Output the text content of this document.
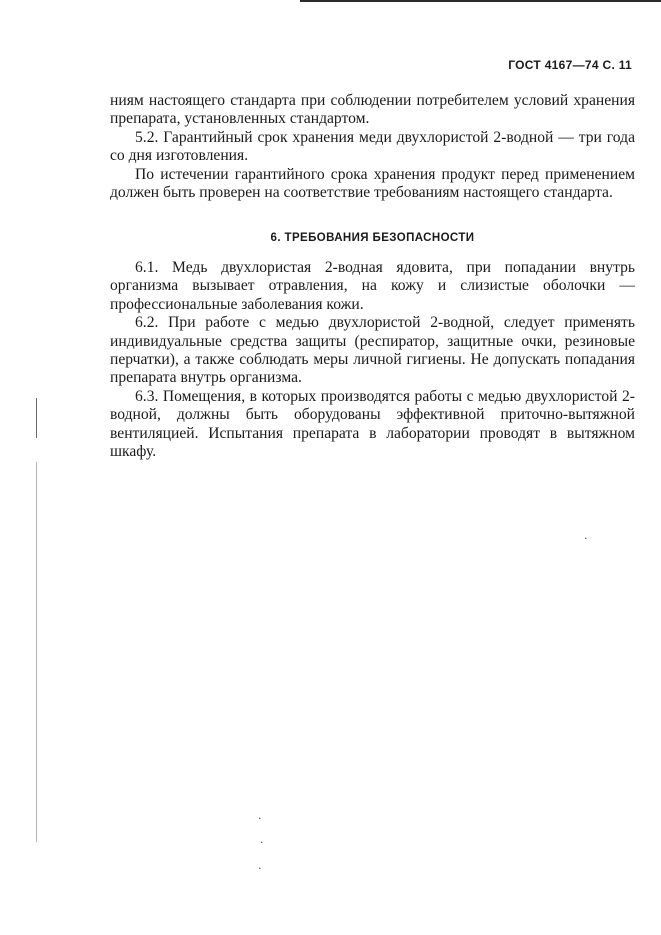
ГОСТ 4167—74 С. 11

ниям настоящего стандарта при соблюдении потребителем условий хранения препарата, установленных стандартом.

5.2. Гарантийный срок хранения меди двухлористой 2-водной — три года со дня изготовления.

По истечении гарантийного срока хранения продукт перед применением должен быть проверен на соответствие требованиям настоящего стандарта.

6. ТРЕБОВАНИЯ БЕЗОПАСНОСТИ

6.1. Медь двухлористая 2-водная ядовита, при попадании внутрь организма вызывает отравления, на кожу и слизистые оболочки — профессиональные заболевания кожи.

6.2. При работе с медью двухлористой 2-водной, следует применять индивидуальные средства защиты (респиратор, защитные очки, резиновые перчатки), а также соблюдать меры личной гигиены. Не допускать попадания препарата внутрь организма.

6.3. Помещения, в которых производятся работы с медью двухлористой 2-водной, должны быть оборудованы эффективной приточно-вытяжной вентиляцией. Испытания препарата в лаборатории проводят в вытяжном шкафу.

·
·
·
·
